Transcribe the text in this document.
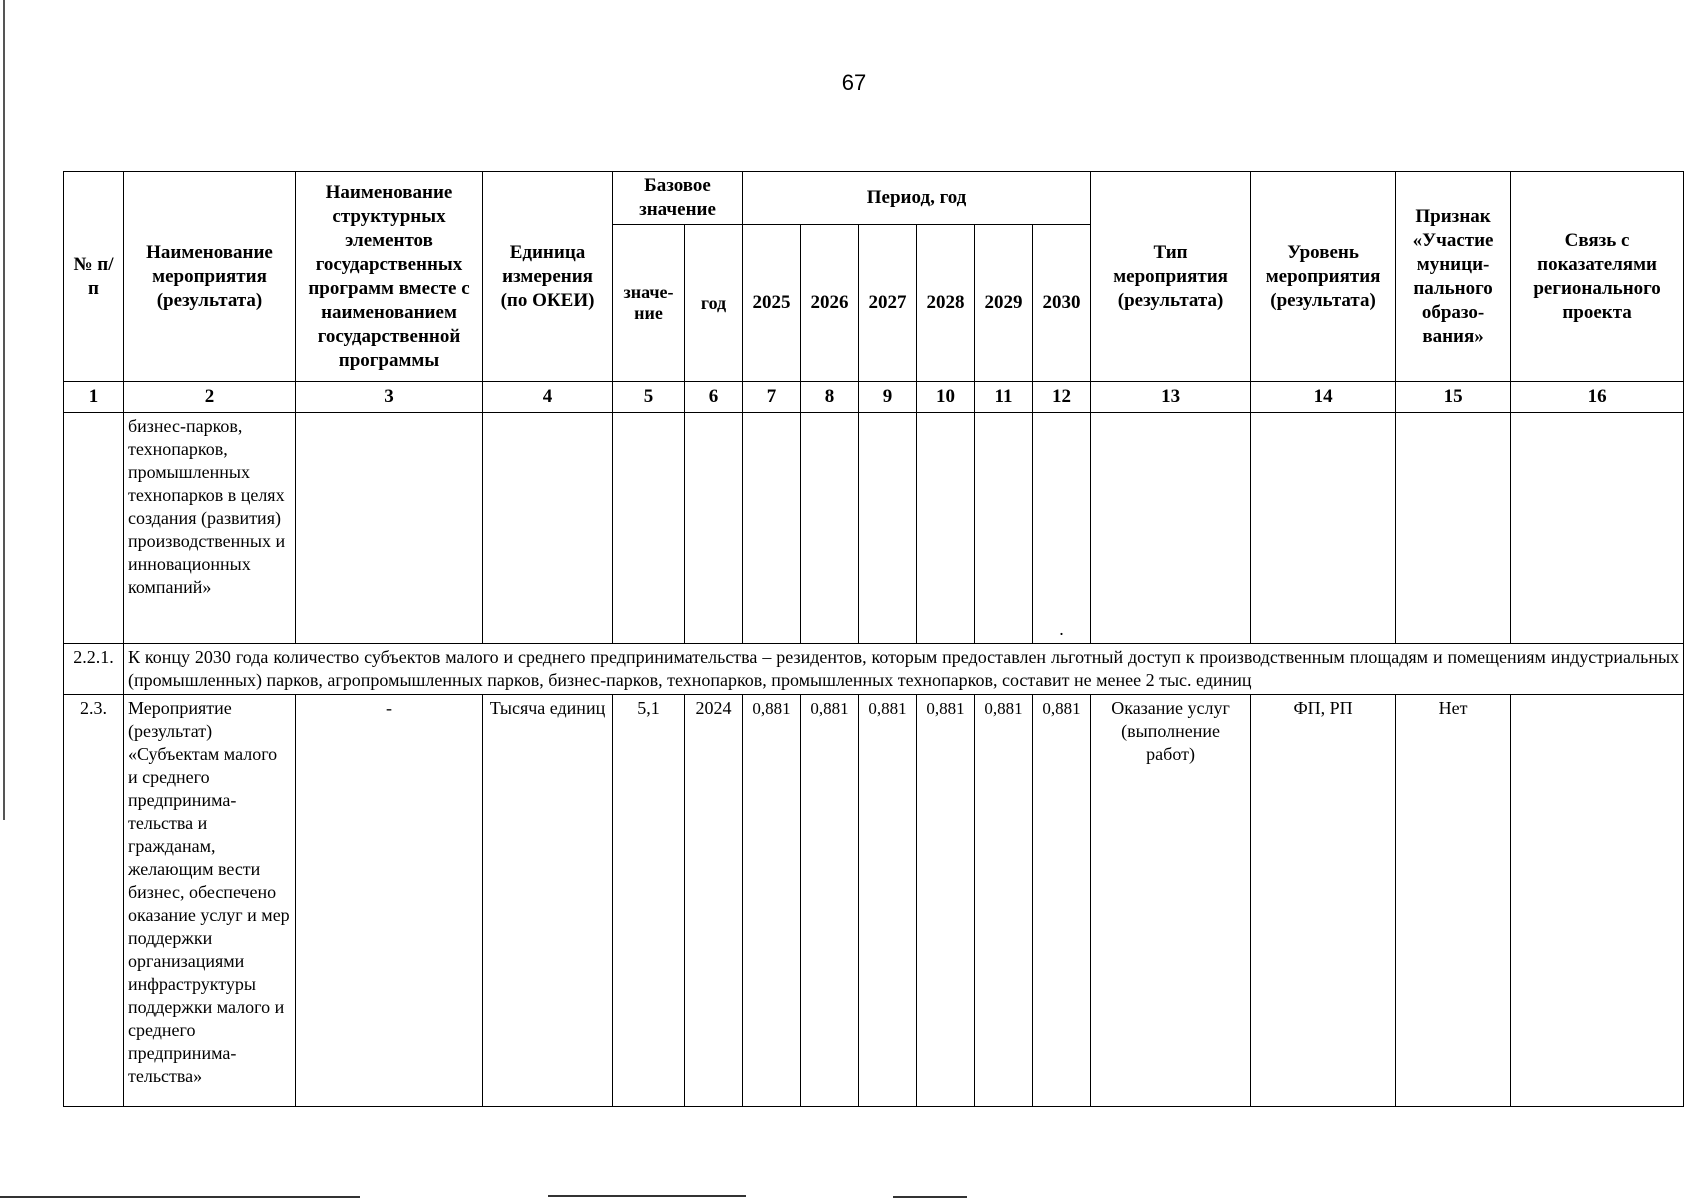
67
№ п/п	Наименование мероприятия (результата)	Наименование структурных элементов государственных программ вместе с наименованием государственной программы	Единица измерения (по ОКЕИ)	Базовое значение		Период, год						Тип мероприятия (результата)	Уровень мероприятия (результата)	Признак «Участие муници-пального образо-вания»	Связь с показателями регионального проекта
				значе-ние	год	2025	2026	2027	2028	2029	2030				
1	2	3	4	5	6	7	8	9	10	11	12	13	14	15	16
	бизнес-парков, технопарков, промышленных технопарков в целях создания (развития) производственных и инновационных компаний»										.				
2.2.1.	К концу 2030 года количество субъектов малого и среднего предпринимательства – резидентов, которым предоставлен льготный доступ к производственным площадям и помещениям индустриальных (промышленных) парков, агропромышленных парков, бизнес-парков, технопарков, промышленных технопарков, составит не менее 2 тыс. единиц														
2.3.	Мероприятие (результат) «Субъектам малого и среднего предпринима-тельства и гражданам, желающим вести бизнес, обеспечено оказание услуг и мер поддержки организациями инфраструктуры поддержки малого и среднего предпринима-тельства»	-	Тысяча единиц	5,1	2024	0,881	0,881	0,881	0,881	0,881	0,881	Оказание услуг (выполнение работ)	ФП, РП	Нет	
